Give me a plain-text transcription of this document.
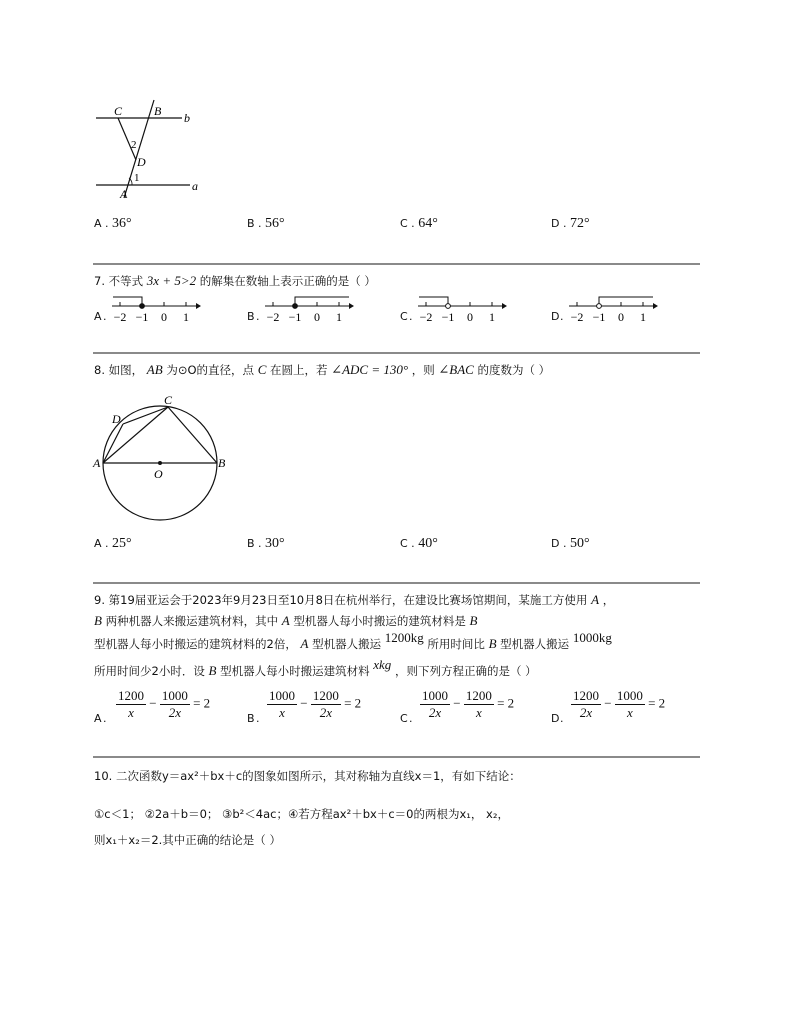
C	B b
2
D
1
A
a
A . 36°	B . 56°	C . 64°	D . 72°
7. 不等式 3x + 5>2 的解集在数轴上表示正确的是（ ）
A . −2 −1 0 1	B . −2 −1 0 1	C . −2 −1 0 1	D . −2 −1 0 1
8. 如图， AB 为⊙O的直径，点 C 在圆上，若 ∠ADC = 130° ，则 ∠BAC 的度数为（ ）
C
D
A
O
B
A . 25°	B . 30°	C . 40°	D . 50°
9. 第19届亚运会于2023年9月23日至10月8日在杭州举行，在建设比赛场馆期间，某施工方使用 A ，
B 两种机器人来搬运建筑材料，其中 A 型机器人每小时搬运的建筑材料是 B
型机器人每小时搬运的建筑材料的2倍， A 型机器人搬运 1200kg 所用时间比 B 型机器人搬运 1000kg
所用时间少2小时．设 B 型机器人每小时搬运建筑材料 xkg ，则下列方程正确的是（ ）
A . $\frac{1200}{x} - \frac{1000}{2x} = 2$
B . $\frac{1000}{x} - \frac{1200}{2x} = 2$
C . $\frac{1000}{2x} - \frac{1200}{x} = 2$
D . $\frac{1200}{2x} - \frac{1000}{x} = 2$
10. 二次函数y＝ax²＋bx＋c的图象如图所示，其对称轴为直线x＝1，有如下结论：
①c＜1； ②2a＋b＝0； ③b²＜4ac；④若方程ax²＋bx＋c＝0的两根为x₁， x₂，
则x₁＋x₂＝2.其中正确的结论是（ ）
